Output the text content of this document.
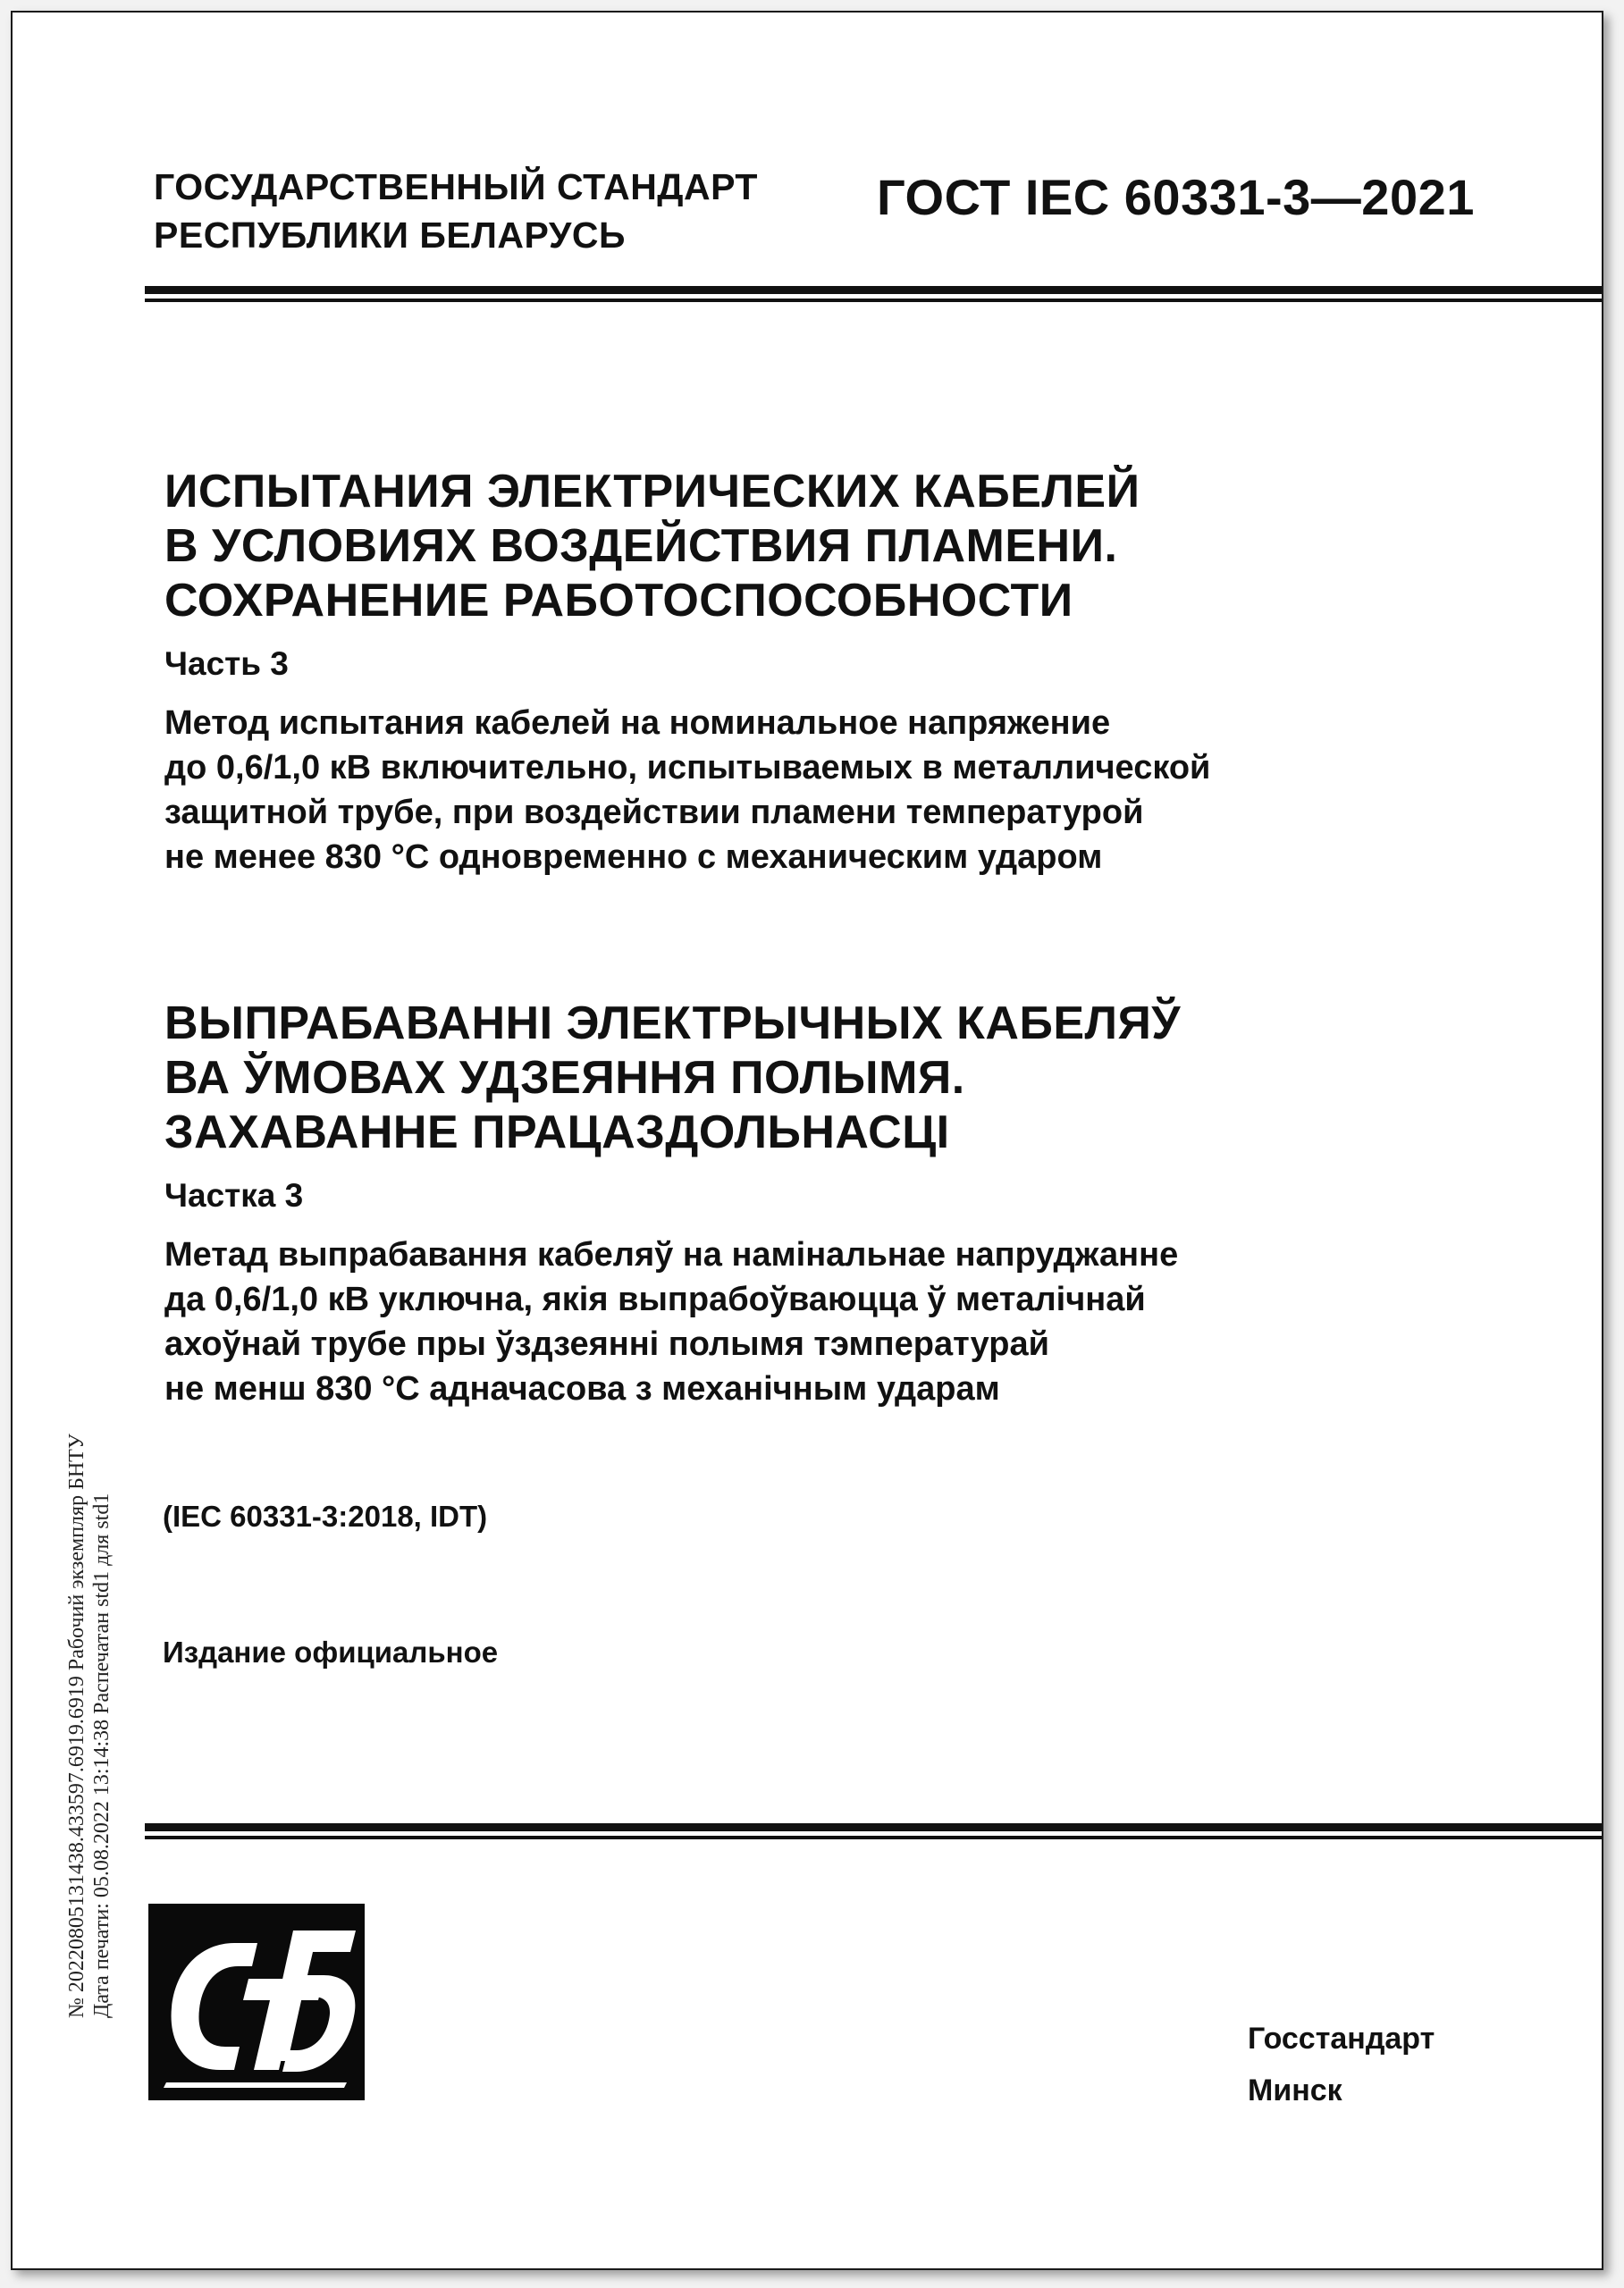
ГОСУДАРСТВЕННЫЙ СТАНДАРТ
РЕСПУБЛИКИ БЕЛАРУСЬ
ГОСТ IEC 60331-3—2021
ИСПЫТАНИЯ ЭЛЕКТРИЧЕСКИХ КАБЕЛЕЙ
В УСЛОВИЯХ ВОЗДЕЙСТВИЯ ПЛАМЕНИ.
СОХРАНЕНИЕ РАБОТОСПОСОБНОСТИ
Часть 3
Метод испытания кабелей на номинальное напряжение
до 0,6/1,0 кВ включительно, испытываемых в металлической
защитной трубе, при воздействии пламени температурой
не менее 830 °С одновременно с механическим ударом
ВЫПРАБАВАННІ ЭЛЕКТРЫЧНЫХ КАБЕЛЯЎ
ВА ЎМОВАХ УДЗЕЯННЯ ПОЛЫМЯ.
ЗАХАВАННЕ ПРАЦАЗДОЛЬНАСЦІ
Частка 3
Метад выпрабавання кабеляў на намінальнае напруджанне
да 0,6/1,0 кВ уключна, якія выпрабоўваюцца ў металічнай
ахоўнай трубе пры ўздзеянні полымя тэмпературай
не менш 830 °С адначасова з механічным ударам
(IEC 60331-3:2018, IDT)
Издание официальное
№ 20220805131438.433597.6919.6919 Рабочий экземпляр БНТУ Дата печати: 05.08.2022 13:14:38 Распечатан std1 для std1
Госстандарт
Минск
